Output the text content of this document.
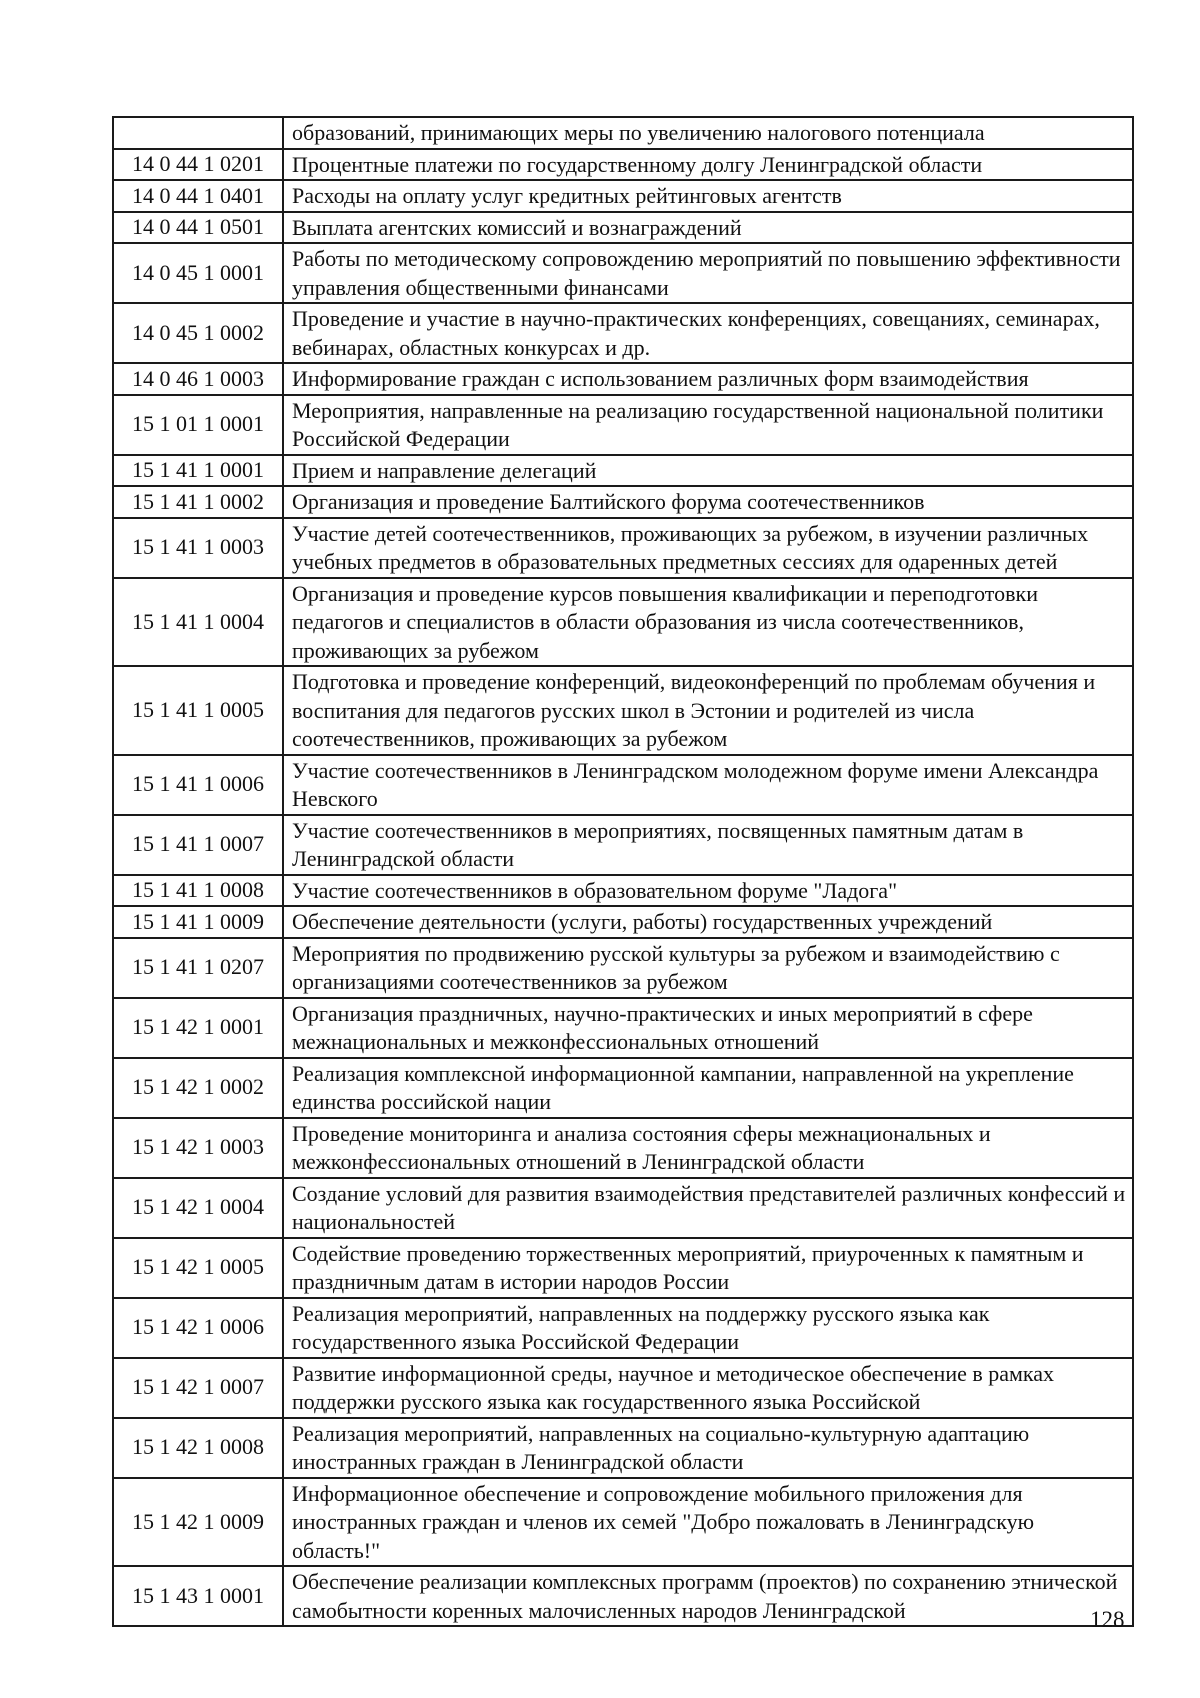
	образований, принимающих меры по увеличению налогового потенциала
14 0 44 1 0201	Процентные платежи по государственному долгу Ленинградской области
14 0 44 1 0401	Расходы на оплату услуг кредитных рейтинговых агентств
14 0 44 1 0501	Выплата агентских комиссий и вознаграждений
14 0 45 1 0001	Работы по методическому сопровождению мероприятий по повышению эффективности управления общественными финансами
14 0 45 1 0002	Проведение и участие в научно-практических конференциях, совещаниях, семинарах, вебинарах, областных конкурсах и др.
14 0 46 1 0003	Информирование граждан с использованием различных форм взаимодействия
15 1 01 1 0001	Мероприятия, направленные на реализацию государственной национальной политики Российской Федерации
15 1 41 1 0001	Прием и направление делегаций
15 1 41 1 0002	Организация и проведение Балтийского форума соотечественников
15 1 41 1 0003	Участие детей соотечественников, проживающих за рубежом, в изучении различных учебных предметов в образовательных предметных сессиях для одаренных детей
15 1 41 1 0004	Организация и проведение курсов повышения квалификации и переподготовки педагогов и специалистов в области образования из числа соотечественников, проживающих за рубежом
15 1 41 1 0005	Подготовка и проведение конференций, видеоконференций по проблемам обучения и воспитания для педагогов русских школ в Эстонии и родителей из числа соотечественников, проживающих за рубежом
15 1 41 1 0006	Участие соотечественников в Ленинградском молодежном форуме имени Александра Невского
15 1 41 1 0007	Участие соотечественников в мероприятиях, посвященных памятным датам в Ленинградской области
15 1 41 1 0008	Участие соотечественников в образовательном форуме "Ладога"
15 1 41 1 0009	Обеспечение деятельности (услуги, работы) государственных учреждений
15 1 41 1 0207	Мероприятия по продвижению русской культуры за рубежом и взаимодействию с организациями соотечественников за рубежом
15 1 42 1 0001	Организация праздничных, научно-практических и иных мероприятий в сфере межнациональных и межконфессиональных отношений
15 1 42 1 0002	Реализация комплексной информационной кампании, направленной на укрепление единства российской нации
15 1 42 1 0003	Проведение мониторинга и анализа состояния сферы межнациональных и межконфессиональных отношений в Ленинградской области
15 1 42 1 0004	Создание условий для развития взаимодействия представителей различных конфессий и национальностей
15 1 42 1 0005	Содействие проведению торжественных мероприятий, приуроченных к памятным и праздничным датам в истории народов России
15 1 42 1 0006	Реализация мероприятий, направленных на поддержку русского языка как государственного языка Российской Федерации
15 1 42 1 0007	Развитие информационной среды, научное и методическое обеспечение в рамках поддержки русского языка как государственного языка Российской
15 1 42 1 0008	Реализация мероприятий, направленных на социально-культурную адаптацию иностранных граждан в Ленинградской области
15 1 42 1 0009	Информационное обеспечение и сопровождение мобильного приложения для иностранных граждан и членов их семей "Добро пожаловать в Ленинградскую область!"
15 1 43 1 0001	Обеспечение реализации комплексных программ (проектов) по сохранению этнической самобытности коренных малочисленных народов Ленинградской	128
